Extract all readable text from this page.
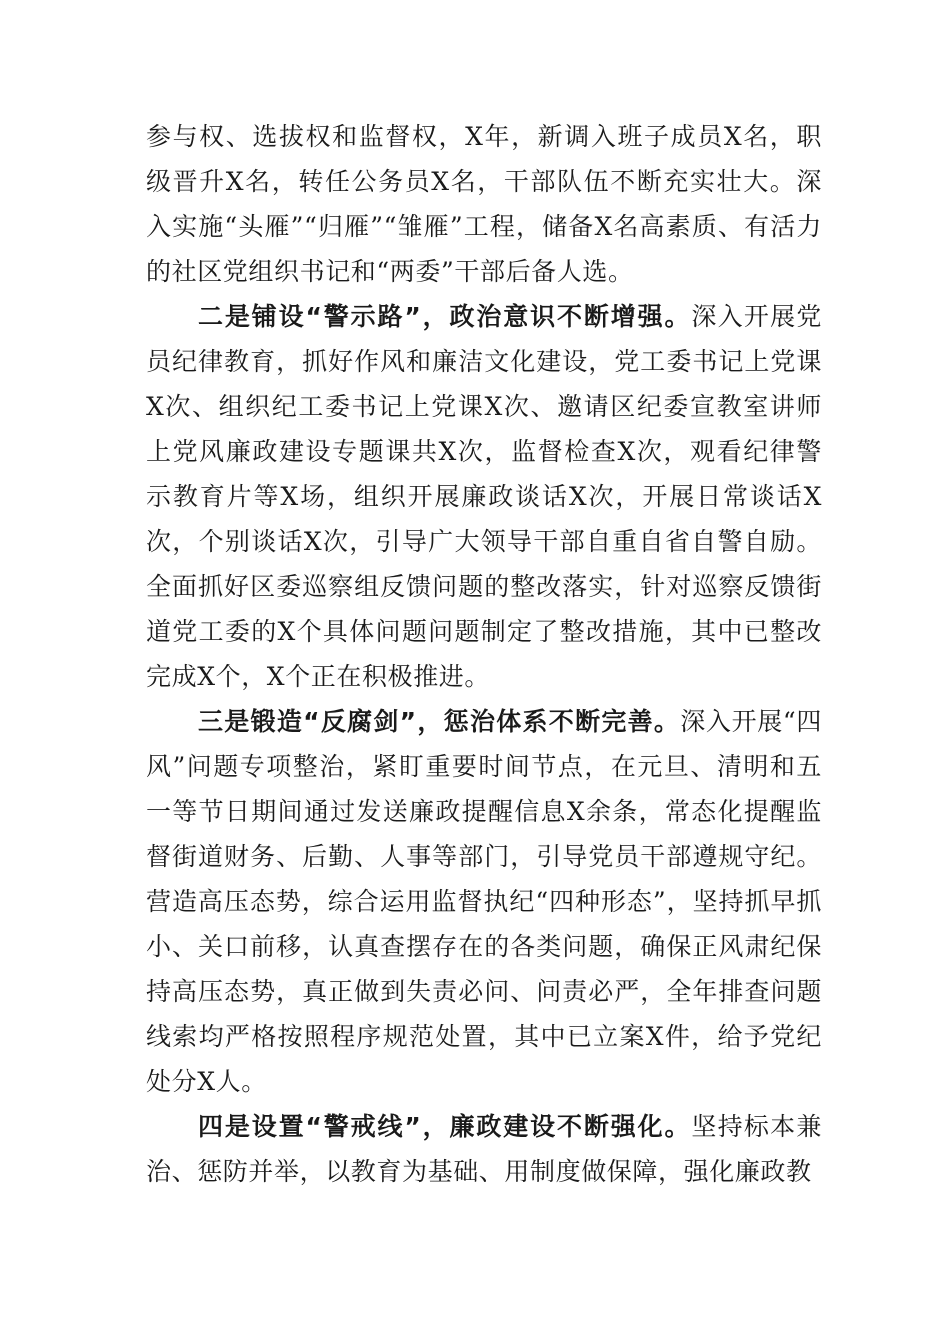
参与权、选拔权和监督权，X年，新调入班子成员X名，职级晋升X名，转任公务员X名，干部队伍不断充实壮大。深入实施“头雁”“归雁”“雏雁”工程，储备X名高素质、有活力的社区党组织书记和“两委”干部后备人选。

二是铺设“警示路”，政治意识不断增强。深入开展党员纪律教育，抓好作风和廉洁文化建设，党工委书记上党课X次、组织纪工委书记上党课X次、邀请区纪委宣教室讲师上党风廉政建设专题课共X次，监督检查X次，观看纪律警示教育片等X场，组织开展廉政谈话X次，开展日常谈话X次，个别谈话X次，引导广大领导干部自重自省自警自励。全面抓好区委巡察组反馈问题的整改落实，针对巡察反馈街道党工委的X个具体问题问题制定了整改措施，其中已整改完成X个，X个正在积极推进。

三是锻造“反腐剑”，惩治体系不断完善。深入开展“四风”问题专项整治，紧盯重要时间节点，在元旦、清明和五一等节日期间通过发送廉政提醒信息X余条，常态化提醒监督街道财务、后勤、人事等部门，引导党员干部遵规守纪。营造高压态势，综合运用监督执纪“四种形态”，坚持抓早抓小、关口前移，认真查摆存在的各类问题，确保正风肃纪保持高压态势，真正做到失责必问、问责必严，全年排查问题线索均严格按照程序规范处置，其中已立案X件，给予党纪处分X人。

四是设置“警戒线”，廉政建设不断强化。坚持标本兼治、惩防并举，以教育为基础、用制度做保障，强化廉政教
